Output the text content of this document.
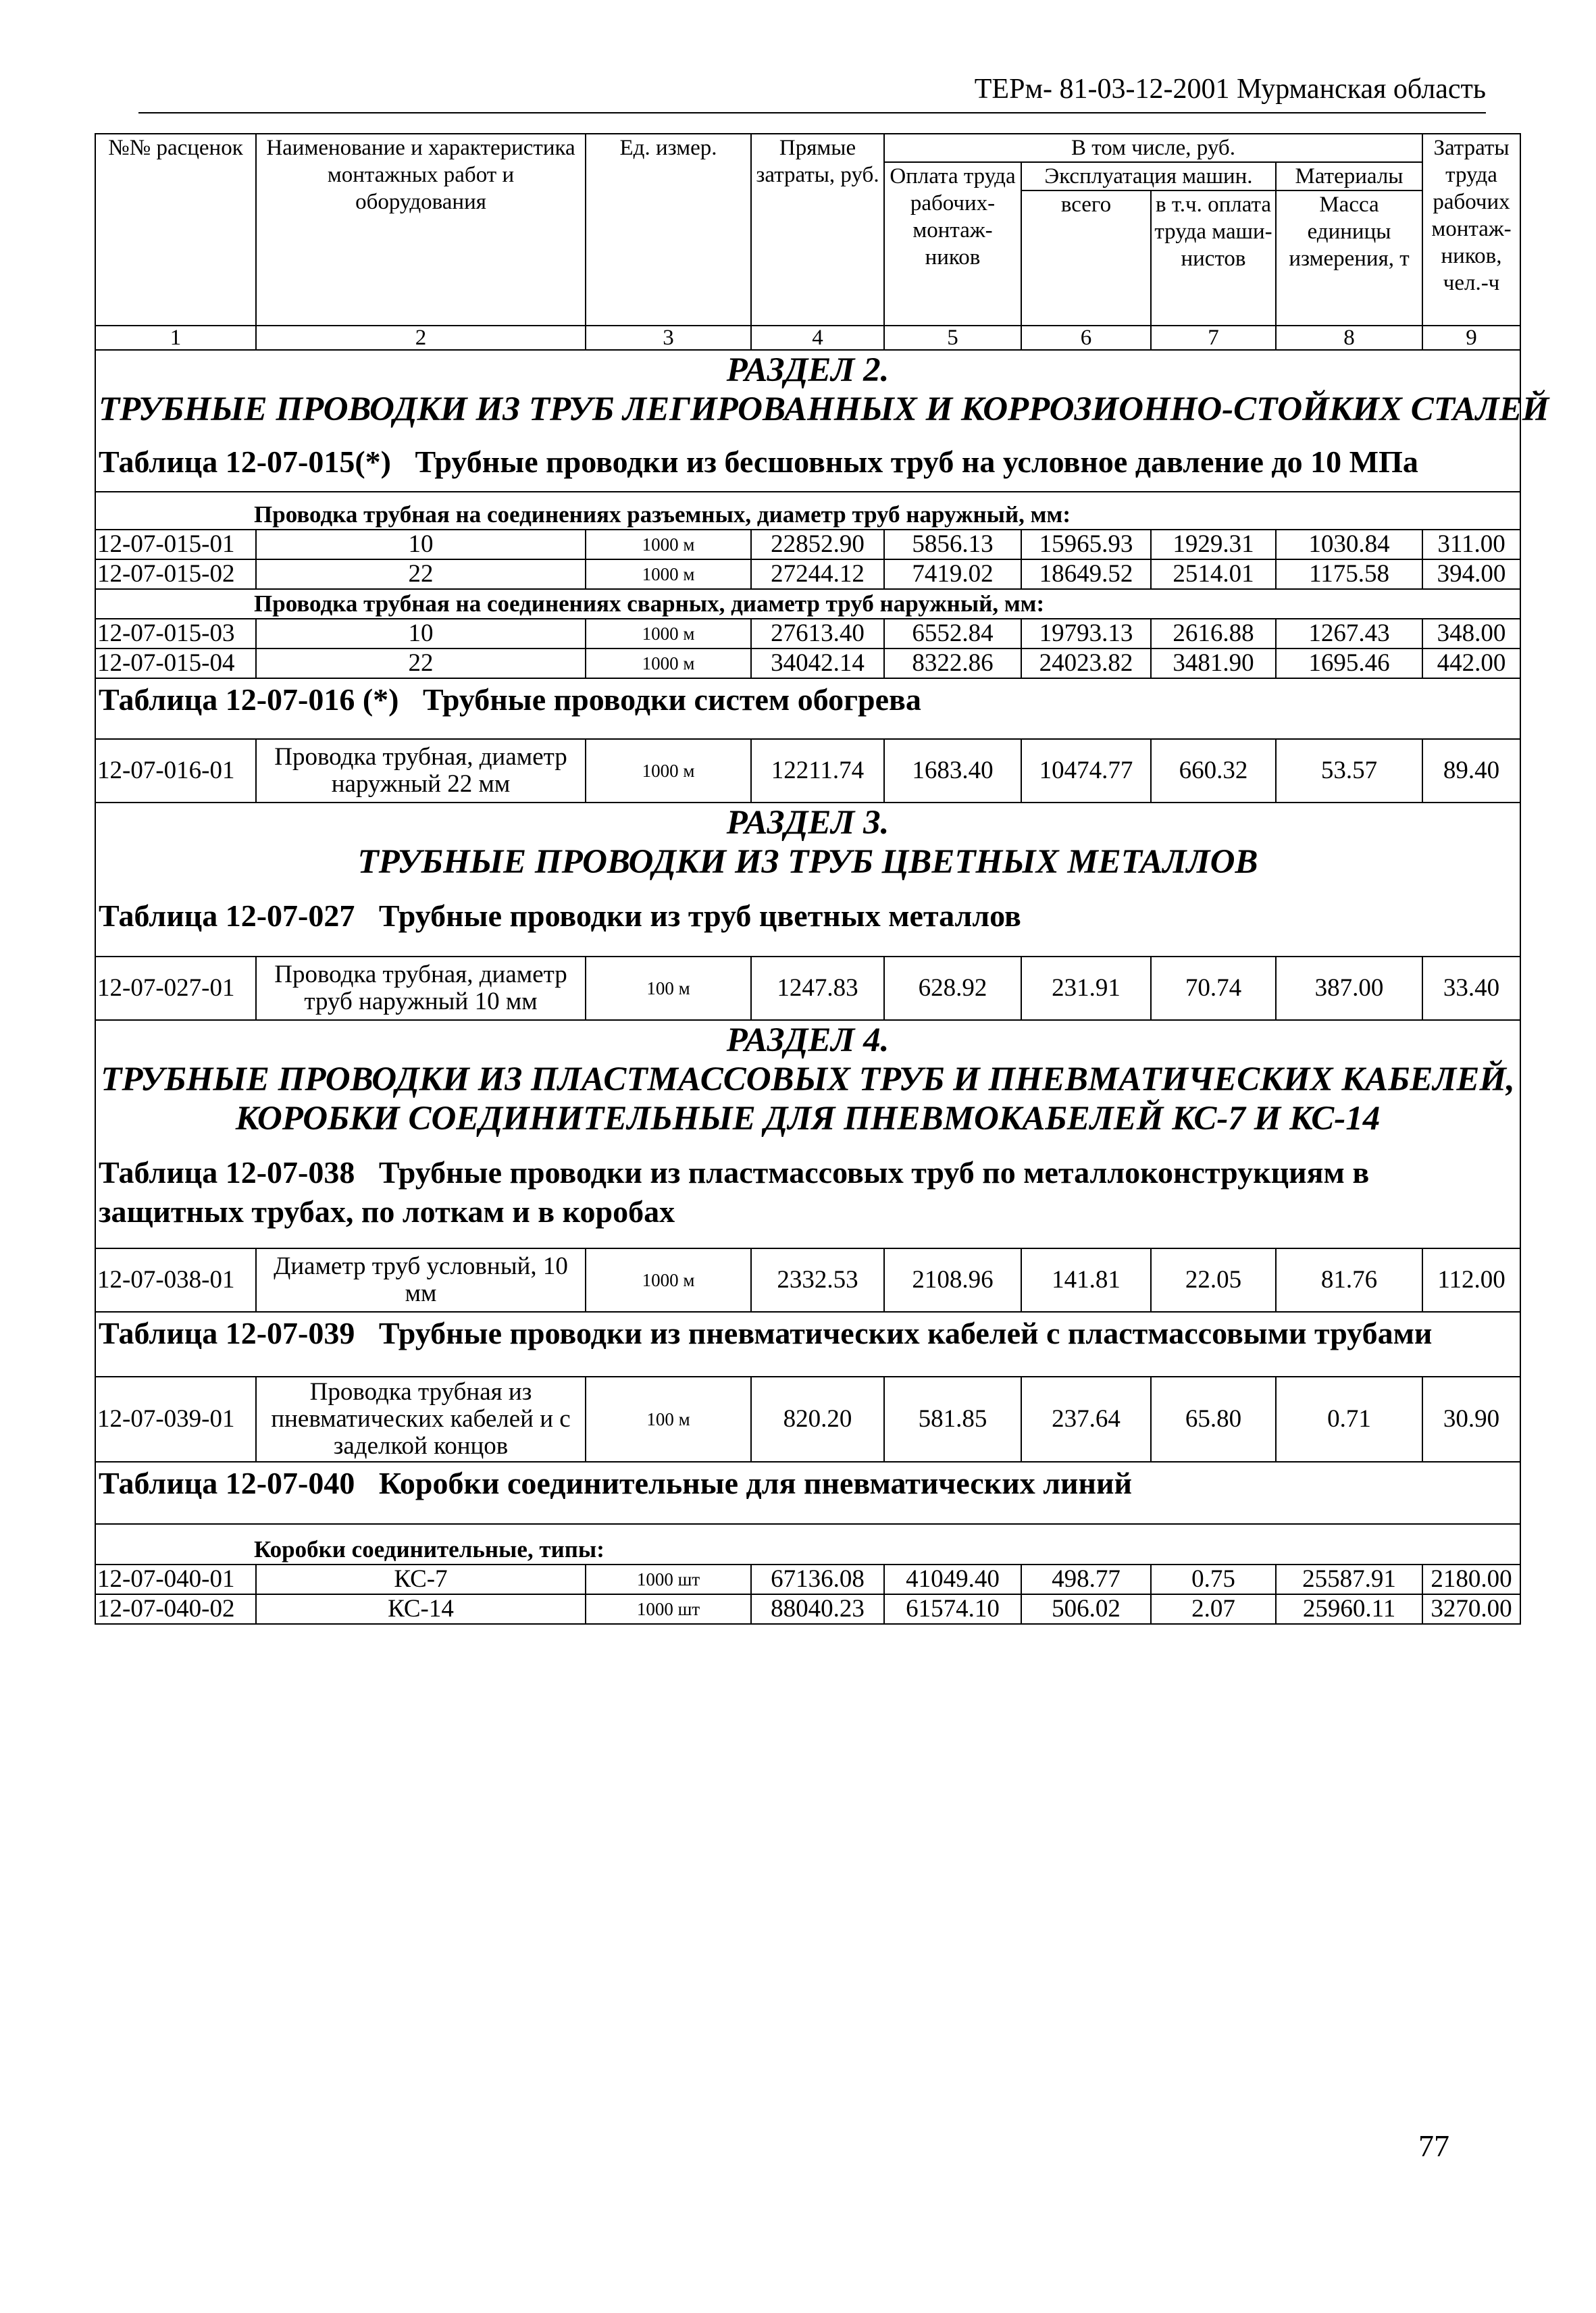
ТЕРм- 81-03-12-2001 Мурманская область
№№ расценок	Наименование и характеристика монтажных работ и оборудования	Ед. измер.	Прямые затраты, руб.	В том числе, руб.				Затраты труда рабочих монтаж-ников, чел.-ч
				Оплата труда рабочих-монтаж-ников	Эксплуатация машин.		Материалы	
					всего	в т.ч. оплата труда маши-нистов	Масса единицы измерения, т	
1	2	3	4	5	6	7	8	9

РАЗДЕЛ 2.
ТРУБНЫЕ ПРОВОДКИ ИЗ ТРУБ ЛЕГИРОВАННЫХ И КОРРОЗИОННО-СТОЙКИХ СТАЛЕЙ								

Таблица 12-07-015(*) Трубные проводки из бесшовных труб на условное давление до 10 МПа								
Проводка трубная на соединениях разъемных, диаметр труб наружный, мм:								
12-07-015-01	10	1000 м	22852.90	5856.13	15965.93	1929.31	1030.84	311.00
12-07-015-02	22	1000 м	27244.12	7419.02	18649.52	2514.01	1175.58	394.00
Проводка трубная на соединениях сварных, диаметр труб наружный, мм:								
12-07-015-03	10	1000 м	27613.40	6552.84	19793.13	2616.88	1267.43	348.00
12-07-015-04	22	1000 м	34042.14	8322.86	24023.82	3481.90	1695.46	442.00
Таблица 12-07-016 (*) Трубные проводки систем обогрева								
12-07-016-01	Проводка трубная, диаметр наружный 22 мм	1000 м	12211.74	1683.40	10474.77	660.32	53.57	89.40

РАЗДЕЛ 3.
ТРУБНЫЕ ПРОВОДКИ ИЗ ТРУБ ЦВЕТНЫХ МЕТАЛЛОВ								

Таблица 12-07-027 Трубные проводки из труб цветных металлов								
12-07-027-01	Проводка трубная, диаметр труб наружный 10 мм	100 м	1247.83	628.92	231.91	70.74	387.00	33.40

РАЗДЕЛ 4.
ТРУБНЫЕ ПРОВОДКИ ИЗ ПЛАСТМАССОВЫХ ТРУБ И ПНЕВМАТИЧЕСКИХ КАБЕЛЕЙ,
КОРОБКИ СОЕДИНИТЕЛЬНЫЕ ДЛЯ ПНЕВМОКАБЕЛЕЙ КС-7 И КС-14								

Таблица 12-07-038 Трубные проводки из пластмассовых труб по металлоконструкциям в защитных трубах, по лоткам и в коробах								
12-07-038-01	Диаметр труб условный, 10 мм	1000 м	2332.53	2108.96	141.81	22.05	81.76	112.00
Таблица 12-07-039 Трубные проводки из пневматических кабелей с пластмассовыми трубами								
12-07-039-01	Проводка трубная из пневматических кабелей и с заделкой концов	100 м	820.20	581.85	237.64	65.80	0.71	30.90
Таблица 12-07-040 Коробки соединительные для пневматических линий								
Коробки соединительные, типы:								
12-07-040-01	КС-7	1000 шт	67136.08	41049.40	498.77	0.75	25587.91	2180.00
12-07-040-02	КС-14	1000 шт	88040.23	61574.10	506.02	2.07	25960.11	3270.00
77
